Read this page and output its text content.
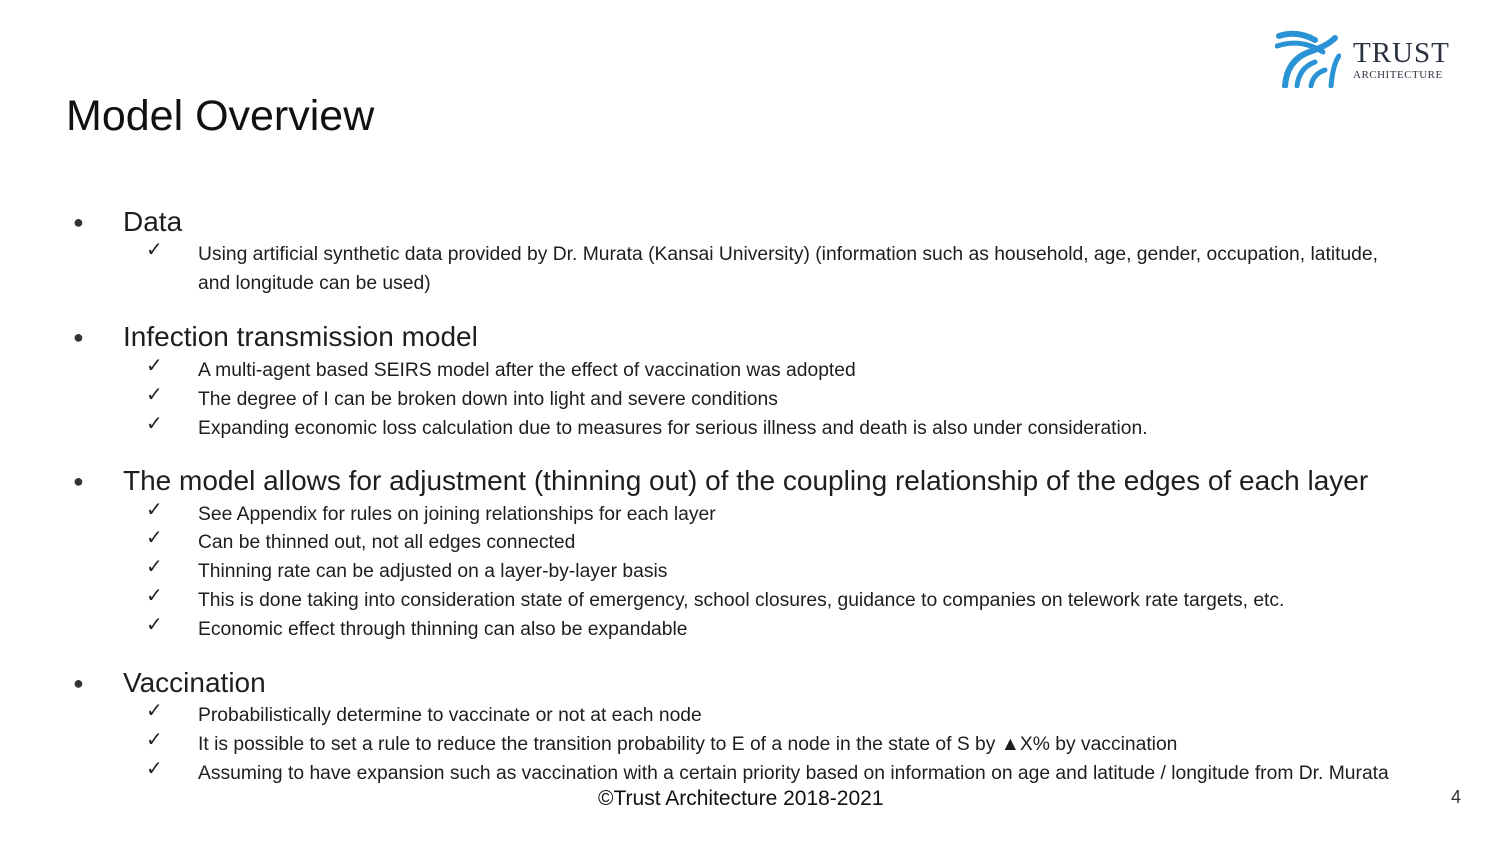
TRUST
ARCHITECTURE
Model Overview
● Data
✓ Using artificial synthetic data provided by Dr. Murata (Kansai University) (information such as household, age, gender, occupation, latitude, and longitude can be used)
● Infection transmission model
✓ A multi-agent based SEIRS model after the effect of vaccination was adopted
✓ The degree of I can be broken down into light and severe conditions
✓ Expanding economic loss calculation due to measures for serious illness and death is also under consideration.
● The model allows for adjustment (thinning out) of the coupling relationship of the edges of each layer
✓ See Appendix for rules on joining relationships for each layer
✓ Can be thinned out, not all edges connected
✓ Thinning rate can be adjusted on a layer-by-layer basis
✓ This is done taking into consideration state of emergency, school closures, guidance to companies on telework rate targets, etc.
✓ Economic effect through thinning can also be expandable
● Vaccination
✓ Probabilistically determine to vaccinate or not at each node
✓ It is possible to set a rule to reduce the transition probability to E of a node in the state of S by ▲X% by vaccination
✓ Assuming to have expansion such as vaccination with a certain priority based on information on age and latitude / longitude from Dr. Murata
©Trust Architecture 2018-2021	4
